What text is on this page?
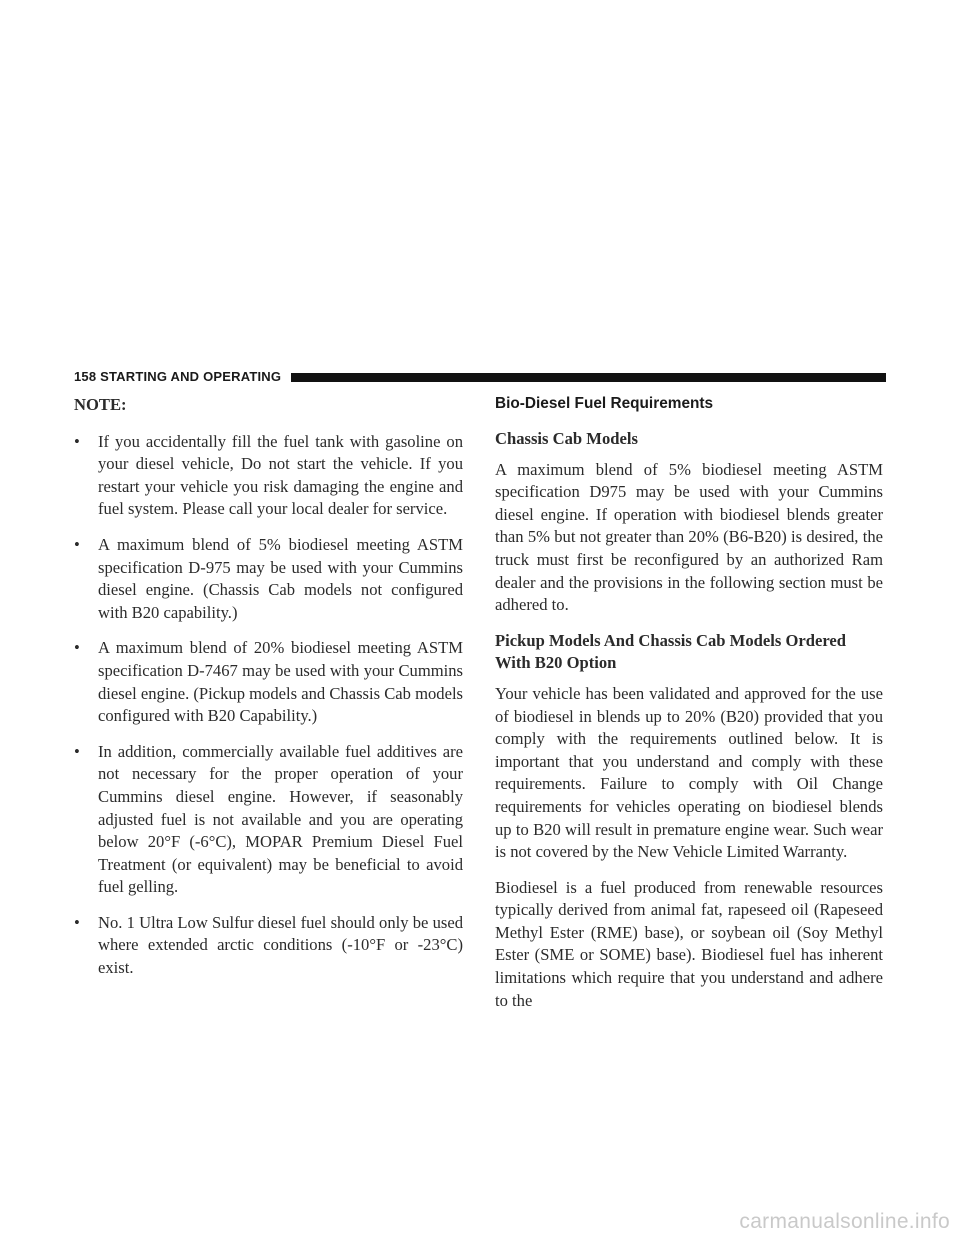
158 STARTING AND OPERATING
NOTE:
• If you accidentally fill the fuel tank with gasoline on your diesel vehicle, Do not start the vehicle. If you restart your vehicle you risk damaging the engine and fuel system. Please call your local dealer for service.
• A maximum blend of 5% biodiesel meeting ASTM specification D-975 may be used with your Cummins diesel engine. (Chassis Cab models not configured with B20 capability.)
• A maximum blend of 20% biodiesel meeting ASTM specification D-7467 may be used with your Cummins diesel engine. (Pickup models and Chassis Cab models configured with B20 Capability.)
• In addition, commercially available fuel additives are not necessary for the proper operation of your Cummins diesel engine. However, if seasonably adjusted fuel is not available and you are operating below 20°F (-6°C), MOPAR Premium Diesel Fuel Treatment (or equivalent) may be beneficial to avoid fuel gelling.
• No. 1 Ultra Low Sulfur diesel fuel should only be used where extended arctic conditions (-10°F or -23°C) exist.
Bio-Diesel Fuel Requirements
Chassis Cab Models

A maximum blend of 5% biodiesel meeting ASTM specification D975 may be used with your Cummins diesel engine. If operation with biodiesel blends greater than 5% but not greater than 20% (B6-B20) is desired, the truck must first be reconfigured by an authorized Ram dealer and the provisions in the following section must be adhered to.

Pickup Models And Chassis Cab Models Ordered With B20 Option

Your vehicle has been validated and approved for the use of biodiesel in blends up to 20% (B20) provided that you comply with the requirements outlined below. It is important that you understand and comply with these requirements. Failure to comply with Oil Change requirements for vehicles operating on biodiesel blends up to B20 will result in premature engine wear. Such wear is not covered by the New Vehicle Limited Warranty.

Biodiesel is a fuel produced from renewable resources typically derived from animal fat, rapeseed oil (Rapeseed Methyl Ester (RME) base), or soybean oil (Soy Methyl Ester (SME or SOME) base). Biodiesel fuel has inherent limitations which require that you understand and adhere to the

carmanualsonline.info
